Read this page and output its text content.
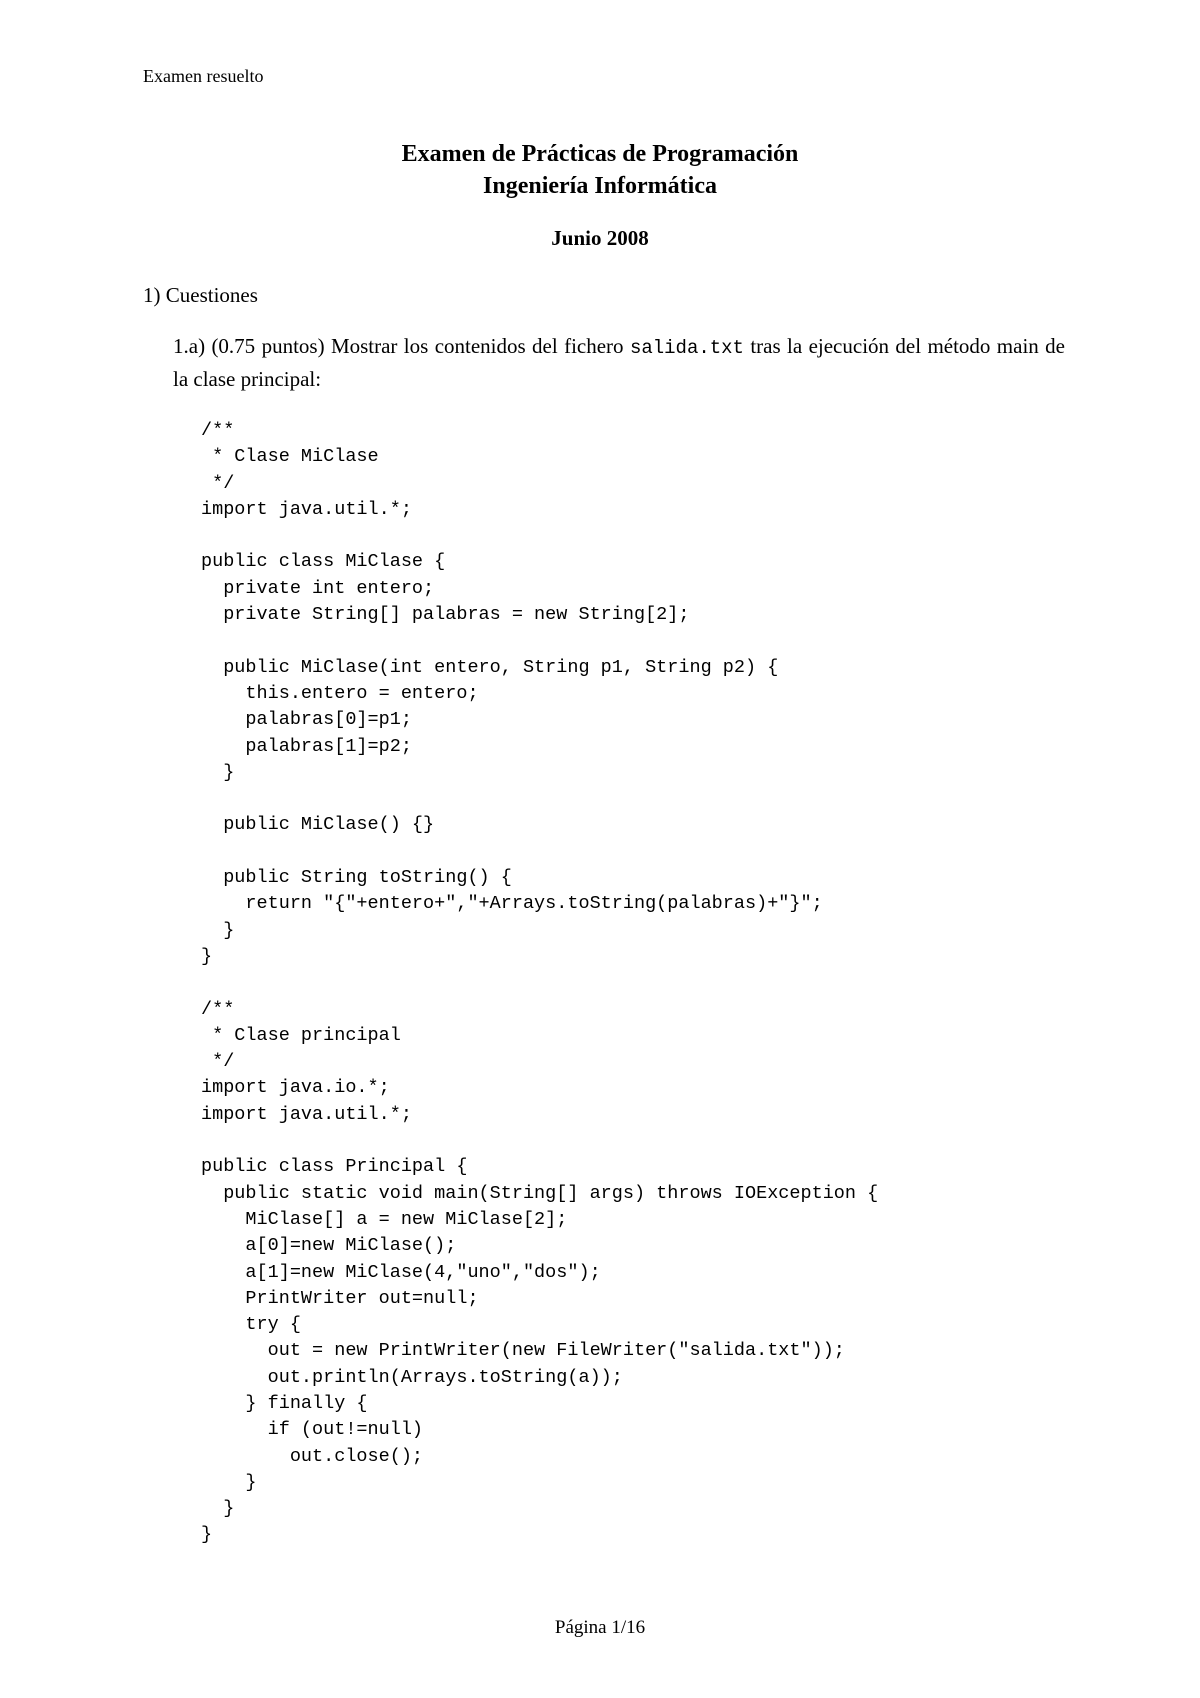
Examen resuelto
Examen de Prácticas de Programación
Ingeniería Informática
Junio 2008
1) Cuestiones
1.a) (0.75 puntos) Mostrar los contenidos del fichero salida.txt tras la ejecución del método main de la clase principal:
/**
* Clase MiClase
*/
import java.util.*;
public class MiClase {
private int entero;
private String[] palabras = new String[2];
public MiClase(int entero, String p1, String p2) {
this.entero = entero;
palabras[0]=p1;
palabras[1]=p2;
}
public MiClase() {}
public String toString() {
return "{"+entero+","+Arrays.toString(palabras)+"}";
}
}
/**
* Clase principal
*/
import java.io.*;
import java.util.*;
public class Principal {
public static void main(String[] args) throws IOException {
MiClase[] a = new MiClase[2];
a[0]=new MiClase();
a[1]=new MiClase(4,"uno","dos");
PrintWriter out=null;
try {
out = new PrintWriter(new FileWriter("salida.txt"));
out.println(Arrays.toString(a));
} finally {
if (out!=null)
out.close();
}
}
}
Página 1/16
